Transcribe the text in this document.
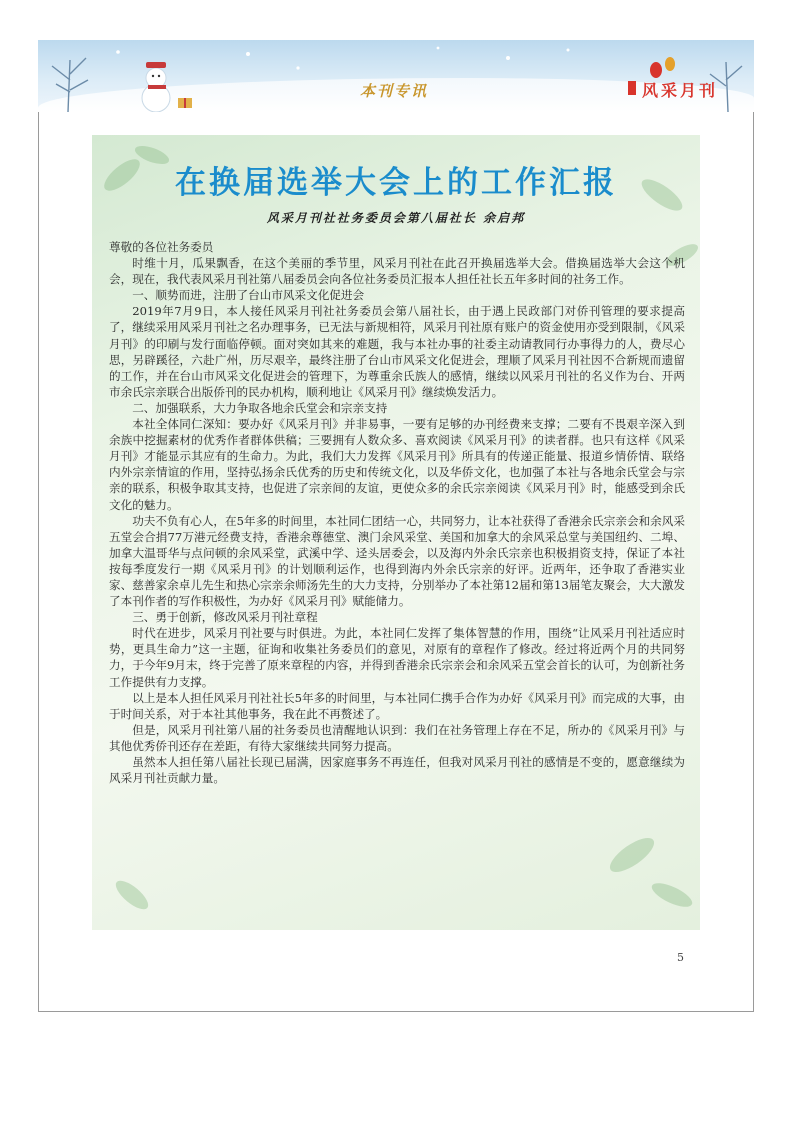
本刊专讯	风采月刊
在换届选举大会上的工作汇报
风采月刊社社务委员会第八届社长 余启邦

尊敬的各位社务委员

时维十月，瓜果飘香，在这个美丽的季节里，风采月刊社在此召开换届选举大会。借换届选举大会这个机会，现在，我代表风采月刊社第八届委员会向各位社务委员汇报本人担任社长五年多时间的社务工作。

一、顺势而进，注册了台山市风采文化促进会

2019年7月9日，本人接任风采月刊社社务委员会第八届社长，由于遇上民政部门对侨刊管理的要求提高了，继续采用风采月刊社之名办理事务，已无法与新规相符，风采月刊社原有账户的资金使用亦受到限制，《风采月刊》的印刷与发行面临停顿。面对突如其来的难题，我与本社办事的社委主动请教同行办事得力的人，费尽心思，另辟蹊径，六赴广州，历尽艰辛，最终注册了台山市风采文化促进会，理顺了风采月刊社因不合新规而遗留的工作，并在台山市风采文化促进会的管理下，为尊重余氏族人的感情，继续以风采月刊社的名义作为台、开两市余氏宗亲联合出版侨刊的民办机构，顺利地让《风采月刊》继续焕发活力。

二、加强联系，大力争取各地余氏堂会和宗亲支持

本社全体同仁深知：要办好《风采月刊》并非易事，一要有足够的办刊经费来支撑；二要有不畏艰辛深入到余族中挖掘素材的优秀作者群体供稿；三要拥有人数众多、喜欢阅读《风采月刊》的读者群。也只有这样《风采月刊》才能显示其应有的生命力。为此，我们大力发挥《风采月刊》所具有的传递正能量、报道乡情侨情、联络内外宗亲情谊的作用，坚持弘扬余氏优秀的历史和传统文化，以及华侨文化，也加强了本社与各地余氏堂会与宗亲的联系，积极争取其支持，也促进了宗亲间的友谊，更使众多的余氏宗亲阅读《风采月刊》时，能感受到余氏文化的魅力。

功夫不负有心人，在5年多的时间里，本社同仁团结一心，共同努力，让本社获得了香港余氏宗亲会和余风采五堂会合捐77万港元经费支持，香港余尊德堂、澳门余风采堂、美国和加拿大的余风采总堂与美国纽约、二埠、加拿大温哥华与点问顿的余风采堂，武溪中学、迳头居委会，以及海内外余氏宗亲也积极捐资支持，保证了本社按每季度发行一期《风采月刊》的计划顺利运作，也得到海内外余氏宗亲的好评。近两年，还争取了香港实业家、慈善家余卓儿先生和热心宗亲余师汤先生的大力支持，分别举办了本社第12届和第13届笔友聚会，大大激发了本刊作者的写作积极性，为办好《风采月刊》赋能储力。

三、勇于创新，修改风采月刊社章程

时代在进步，风采月刊社要与时俱进。为此，本社同仁发挥了集体智慧的作用，围绕“让风采月刊社适应时势，更具生命力”这一主题，征询和收集社务委员们的意见，对原有的章程作了修改。经过将近两个月的共同努力，于今年9月末，终于完善了原来章程的内容，并得到香港余氏宗亲会和余风采五堂会首长的认可，为创新社务工作提供有力支撑。

以上是本人担任风采月刊社社长5年多的时间里，与本社同仁携手合作为办好《风采月刊》而完成的大事，由于时间关系，对于本社其他事务，我在此不再赘述了。

但是，风采月刊社第八届的社务委员也清醒地认识到：我们在社务管理上存在不足，所办的《风采月刊》与其他优秀侨刊还存在差距，有待大家继续共同努力提高。

虽然本人担任第八届社长现已届满，因家庭事务不再连任，但我对风采月刊社的感情是不变的，愿意继续为风采月刊社贡献力量。

5
